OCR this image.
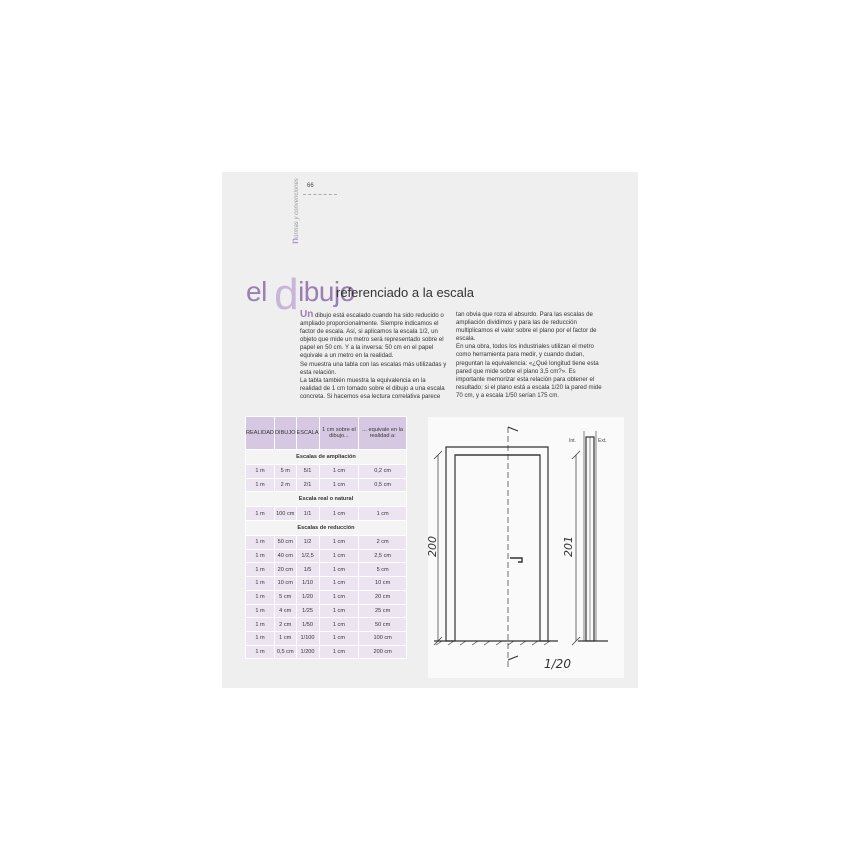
normas y convenciones 66
el dibujo
referenciado a la escala

Un dibujo está escalado cuando ha sido reducido o ampliado proporcionalmente. Siempre indicamos el factor de escala. Así, si aplicamos la escala 1/2, un objeto que mide un metro será representado sobre el papel en 50 cm. Y a la inversa: 50 cm en el papel equivale a un metro en la realidad.

Se muestra una tabla con las escalas más utilizadas y esta relación.

La tabla también muestra la equivalencia en la realidad de 1 cm tomado sobre el dibujo a una escala concreta. Si hacemos esa lectura correlativa parece

tan obvia que roza el absurdo. Para las escalas de ampliación dividimos y para las de reducción multiplicamos el valor sobre el plano por el factor de escala.

En una obra, todos los industriales utilizan el metro como herramienta para medir, y cuando dudan, preguntan la equivalencia: «¿Qué longitud tiene esta pared que mide sobre el plano 3,5 cm?». Es importante memorizar esta relación para obtener el resultado: si el plano está a escala 1/20 la pared mide 70 cm, y a escala 1/50 serían 175 cm.

REALIDAD	DIBUJO	ESCALA	1 cm sobre el dibujo...	... equivale en la realidad a:
Escalas de ampliación				
1 m	5 m	5/1	1 cm	0,2 cm
1 m	2 m	2/1	1 cm	0,5 cm
Escala real o natural				
1 m	100 cm	1/1	1 cm	1 cm
Escalas de reducción				
1 m	50 cm	1/2	1 cm	2 cm
1 m	40 cm	1/2,5	1 cm	2,5 cm
1 m	20 cm	1/5	1 cm	5 cm
1 m	10 cm	1/10	1 cm	10 cm
1 m	5 cm	1/20	1 cm	20 cm
1 m	4 cm	1/25	1 cm	25 cm
1 m	2 cm	1/50	1 cm	50 cm
1 m	1 cm	1/100	1 cm	100 cm
1 m	0,5 cm	1/200	1 cm	200 cm
200	201
1/20
Int.	Ext.
